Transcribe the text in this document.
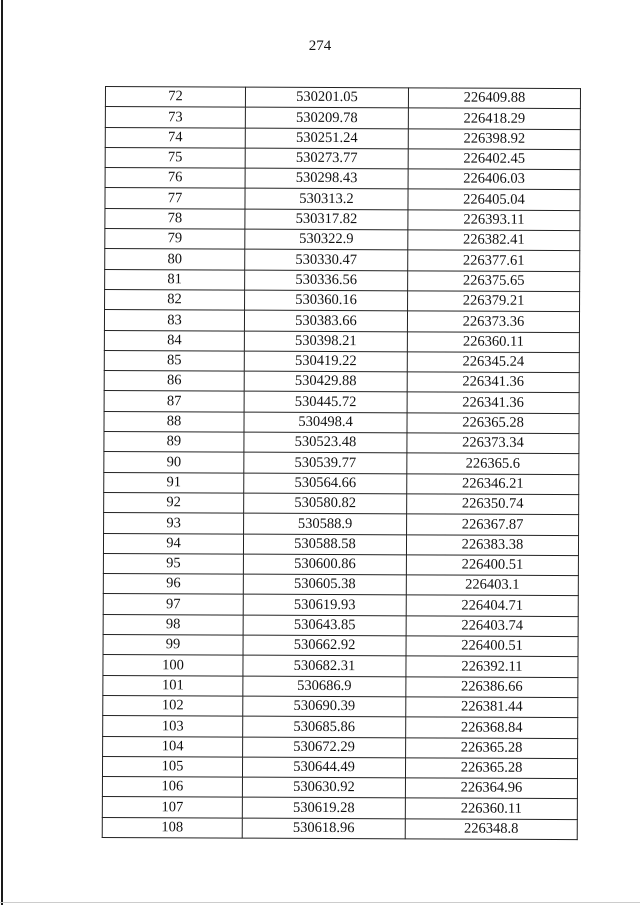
274
72	530201.05	226409.88
73	530209.78	226418.29
74	530251.24	226398.92
75	530273.77	226402.45
76	530298.43	226406.03
77	530313.2	226405.04
78	530317.82	226393.11
79	530322.9	226382.41
80	530330.47	226377.61
81	530336.56	226375.65
82	530360.16	226379.21
83	530383.66	226373.36
84	530398.21	226360.11
85	530419.22	226345.24
86	530429.88	226341.36
87	530445.72	226341.36
88	530498.4	226365.28
89	530523.48	226373.34
90	530539.77	226365.6
91	530564.66	226346.21
92	530580.82	226350.74
93	530588.9	226367.87
94	530588.58	226383.38
95	530600.86	226400.51
96	530605.38	226403.1
97	530619.93	226404.71
98	530643.85	226403.74
99	530662.92	226400.51
100	530682.31	226392.11
101	530686.9	226386.66
102	530690.39	226381.44
103	530685.86	226368.84
104	530672.29	226365.28
105	530644.49	226365.28
106	530630.92	226364.96
107	530619.28	226360.11
108	530618.96	226348.8
